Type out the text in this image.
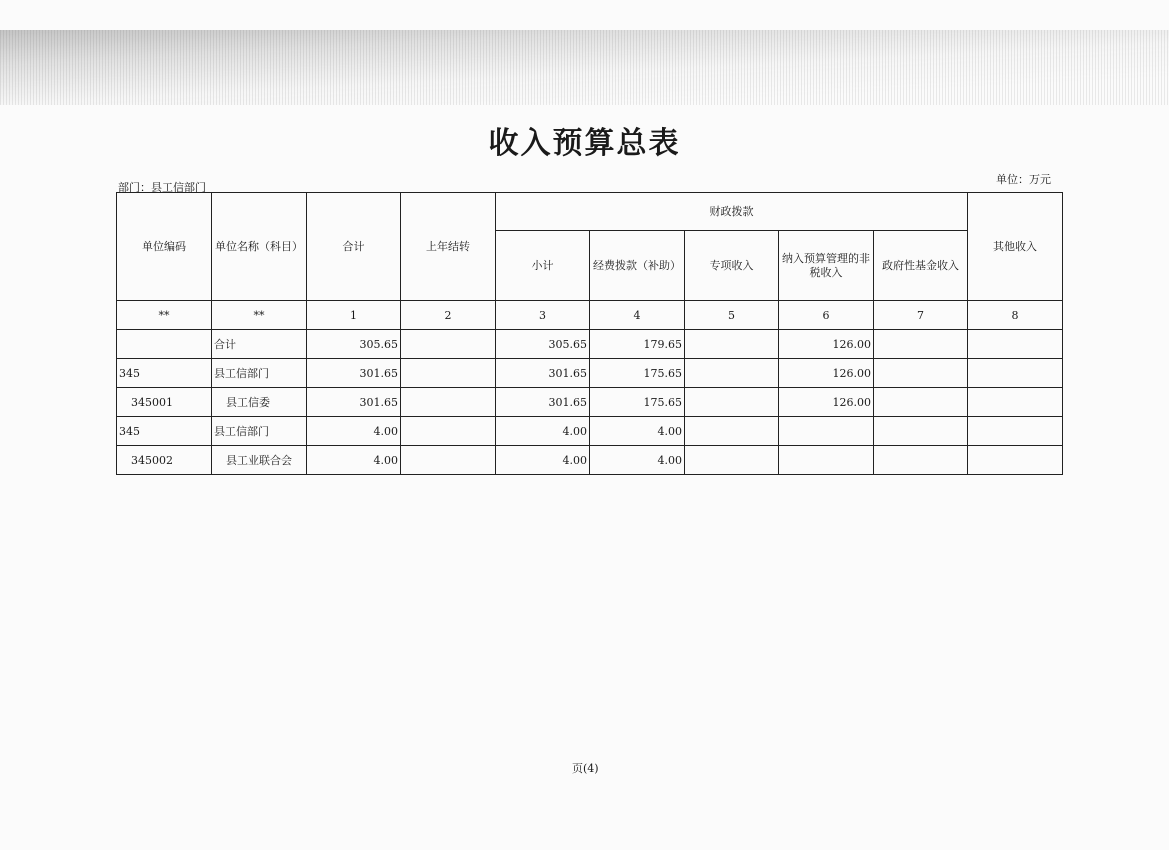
收入预算总表
部门：县工信部门
单位：万元
单位编码	单位名称（科目）	合计	上年结转	财政拨款					其他收入
				小计	经费拨款（补助）	专项收入	纳入预算管理的非税收入	政府性基金收入	
**	**	1	2	3	4	5	6	7	8
	合计	305.65		305.65	179.65		126.00		
345	县工信部门	301.65		301.65	175.65		126.00		
345001	县工信委	301.65		301.65	175.65		126.00		
345	县工信部门	4.00		4.00	4.00				
345002	县工业联合会	4.00		4.00	4.00				
页(4)
